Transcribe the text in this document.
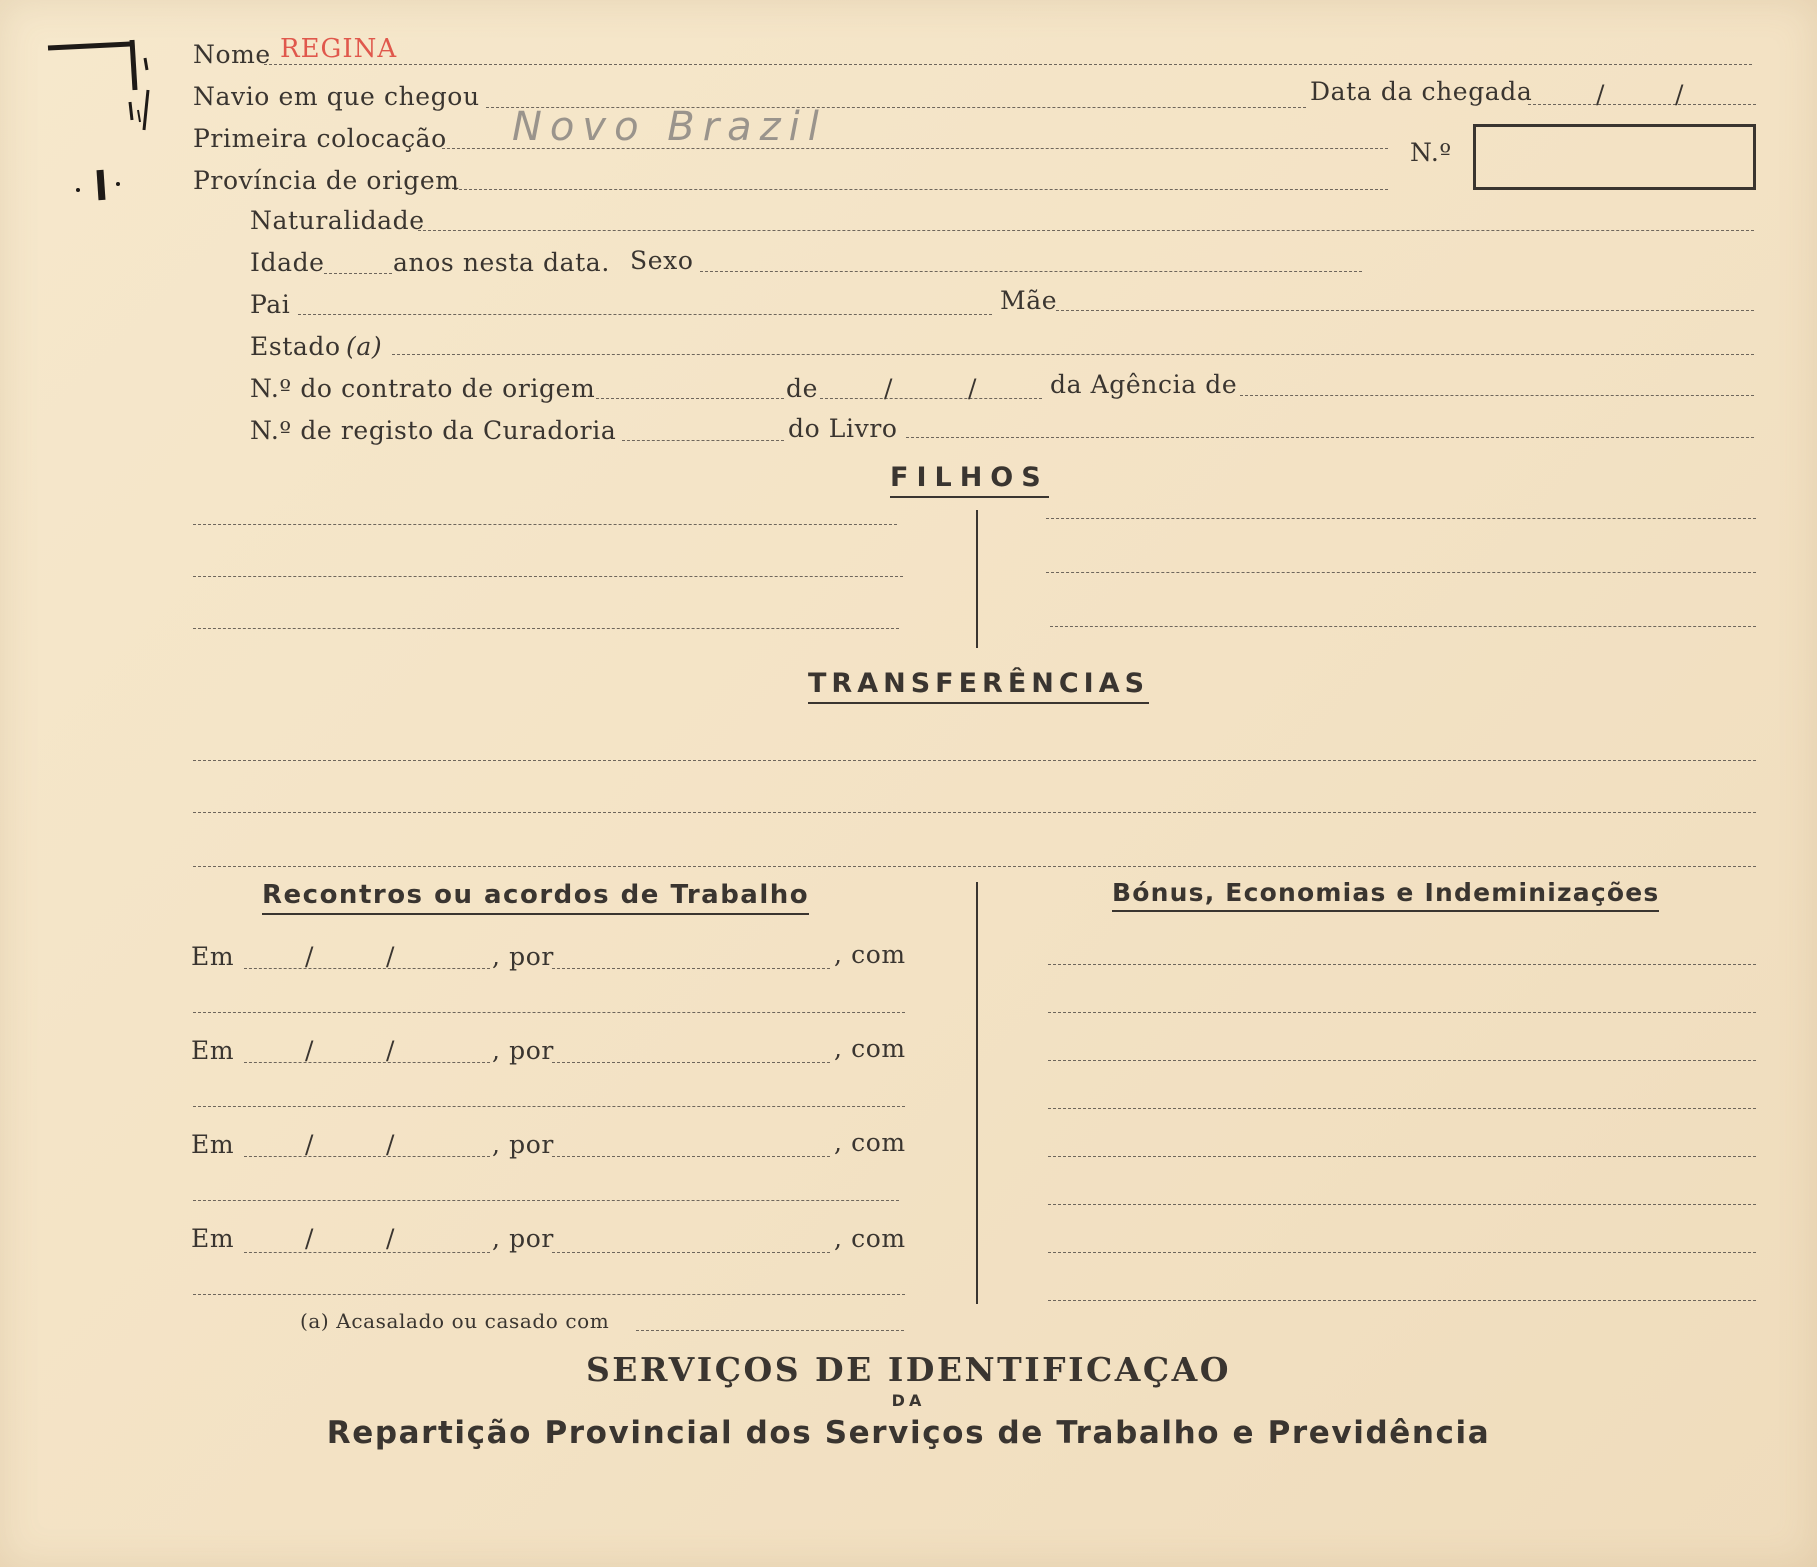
Nome REGINA
Navio em que chegou	Data da chegada	/	/
Primeira colocação Novo Brazil
N.º
Província de origem
Naturalidade
Idade	anos nesta data. Sexo
Pai	Mãe
Estado (a)
N.º do contrato de origem	de	/	/	da Agência de
N.º de registo da Curadoria	do Livro
FILHOS
TRANSFERÊNCIAS
Recontros ou acordos de Trabalho	Bónus, Economias e Indeminizações
Em	/	/	, por	, com
Em	/	/	, por	, com
Em	/	/	, por	, com
Em	/	/	, por	, com
(a) Acasalado ou casado com
SERVIÇOS DE IDENTIFICAÇAO
DA
Repartição Provincial dos Serviços de Trabalho e Previdência
